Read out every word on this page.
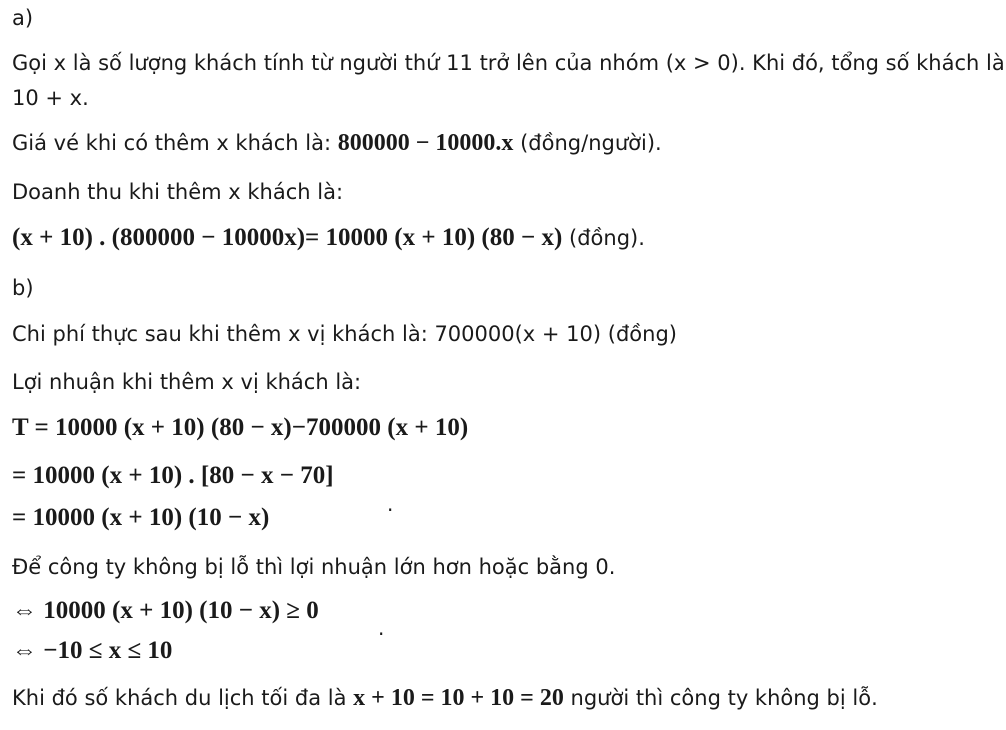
a)
Gọi x là số lượng khách tính từ người thứ 11 trở lên của nhóm (x > 0). Khi đó, tổng số khách là
10 + x.
Giá vé khi có thêm x khách là: 800000 − 10000.x (đồng/người).
Doanh thu khi thêm x khách là:
(x + 10) . (800000 − 10000x)= 10000 (x + 10) (80 − x) (đồng).
b)
Chi phí thực sau khi thêm x vị khách là: 700000(x + 10) (đồng)
Lợi nhuận khi thêm x vị khách là:
T = 10000 (x + 10) (80 − x)−700000 (x + 10)
= 10000 (x + 10) . [80 − x − 70]
= 10000 (x + 10) (10 − x)	.
Để công ty không bị lỗ thì lợi nhuận lớn hơn hoặc bằng 0.
⇔ 10000 (x + 10) (10 − x) ≥ 0
⇔ −10 ≤ x ≤ 10
.
Khi đó số khách du lịch tối đa là x + 10 = 10 + 10 = 20 người thì công ty không bị lỗ.
